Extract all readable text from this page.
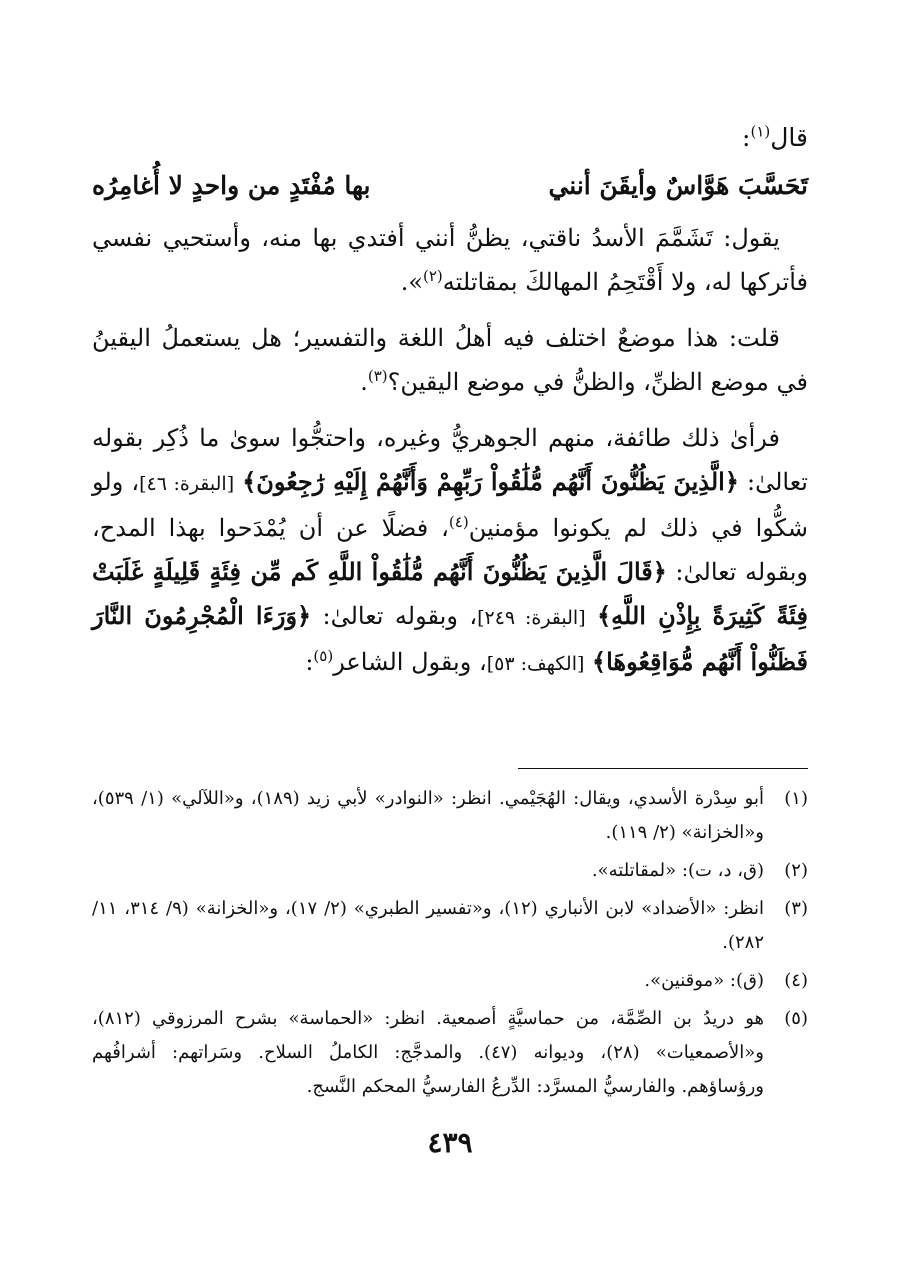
قال$^{(١)}$:
تَحَسَّبَ هَوَّاسٌ وأيقَنَ أنني
بها مُفْتَدٍ من واحدٍ لا أُغامِرُه

يقول: تَشَمَّمَ الأسدُ ناقتي، يظنُّ أنني أفتدي بها منه، وأستحيي نفسي فأتركها له، ولا أَقْتَحِمُ المهالكَ بمقاتلته$^{(٢)}$».

قلت: هذا موضعٌ اختلف فيه أهلُ اللغة والتفسير؛ هل يستعملُ اليقينُ في موضع الظنِّ، والظنُّ في موضع اليقين؟$^{(٣)}$.

فرأىٰ ذلك طائفة، منهم الجوهريُّ وغيره، واحتجُّوا سوىٰ ما ذُكِر بقوله تعالىٰ: ﴿الَّذِينَ يَظُنُّونَ أَنَّهُم مُّلَٰقُواْ رَبِّهِمْ وَأَنَّهُمْ إِلَيْهِ رَٰجِعُونَ﴾ [البقرة: ٤٦]، ولو شكُّوا في ذلك لم يكونوا مؤمنين$^{(٤)}$، فضلًا عن أن يُمْدَحوا بهذا المدح، وبقوله تعالىٰ: ﴿قَالَ الَّذِينَ يَظُنُّونَ أَنَّهُم مُّلَٰقُواْ اللَّهِ كَم مِّن فِئَةٍ قَلِيلَةٍ غَلَبَتْ فِئَةً كَثِيرَةً بِإِذْنِ اللَّهِ﴾ [البقرة: ٢٤٩]، وبقوله تعالىٰ: ﴿وَرَءَا الْمُجْرِمُونَ النَّارَ فَظَنُّواْ أَنَّهُم مُّوَاقِعُوهَا﴾ [الكهف: ٥٣]، وبقول الشاعر$^{(٥)}$:

(١)
أبو سِدْرة الأسدي، ويقال: الهُجَيْمي. انظر: «النوادر» لأبي زيد (١٨٩)، و«اللآلي» (١/ ٥٣٩)، و«الخزانة» (٢/ ١١٩).
(٢)
(ق، د، ت): «لمقاتلته».
(٣)
انظر: «الأضداد» لابن الأنباري (١٢)، و«تفسير الطبري» (٢/ ١٧)، و«الخزانة» (٩/ ٣١٤، ١١/ ٢٨٢).
(٤)
(ق): «موقنين».
(٥)
هو دريدُ بن الصِّمَّة، من حماسيَّةٍ أصمعية. انظر: «الحماسة» بشرح المرزوقي (٨١٢)، و«الأصمعيات» (٢٨)، وديوانه (٤٧). والمدجَّج: الكاملُ السلاح. وسَراتهم: أشرافُهم ورؤساؤهم. والفارسيُّ المسرَّد: الدِّرعُ الفارسيُّ المحكم النَّسج.
٤٣٩
